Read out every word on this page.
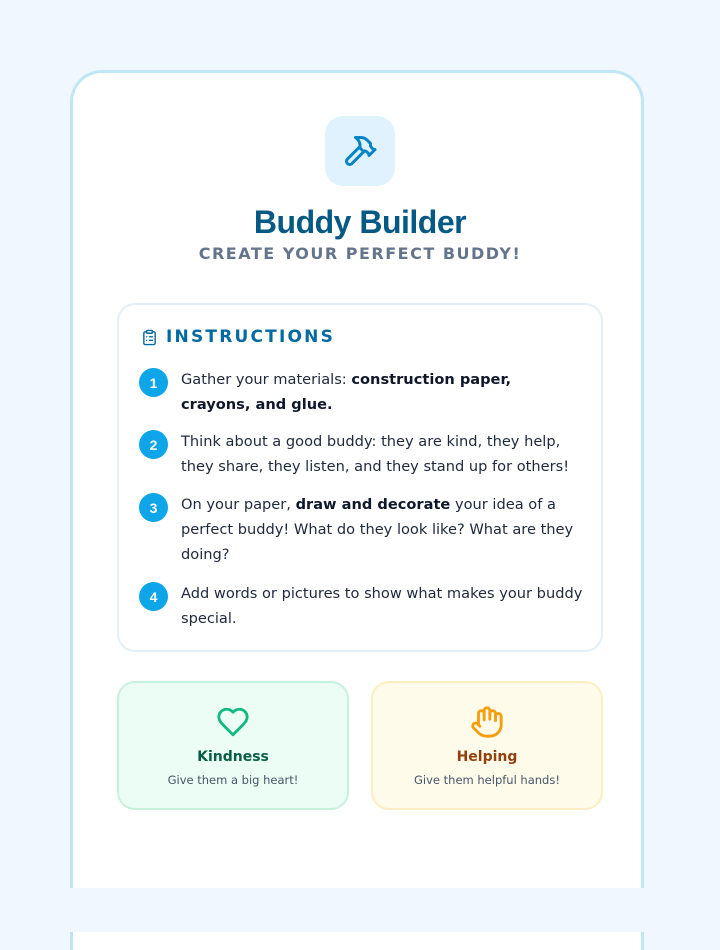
Buddy Builder
CREATE YOUR PERFECT BUDDY!
INSTRUCTIONS
1	Gather your materials: construction paper, crayons, and glue.

2	Think about a good buddy: they are kind, they help, they share, they listen, and they stand up for others!

3	On your paper, draw and decorate your idea of a perfect buddy! What do they look like? What are they doing?

4	Add words or pictures to show what makes your buddy special.

Kindness
Give them a big heart!
Helping
Give them helpful hands!
